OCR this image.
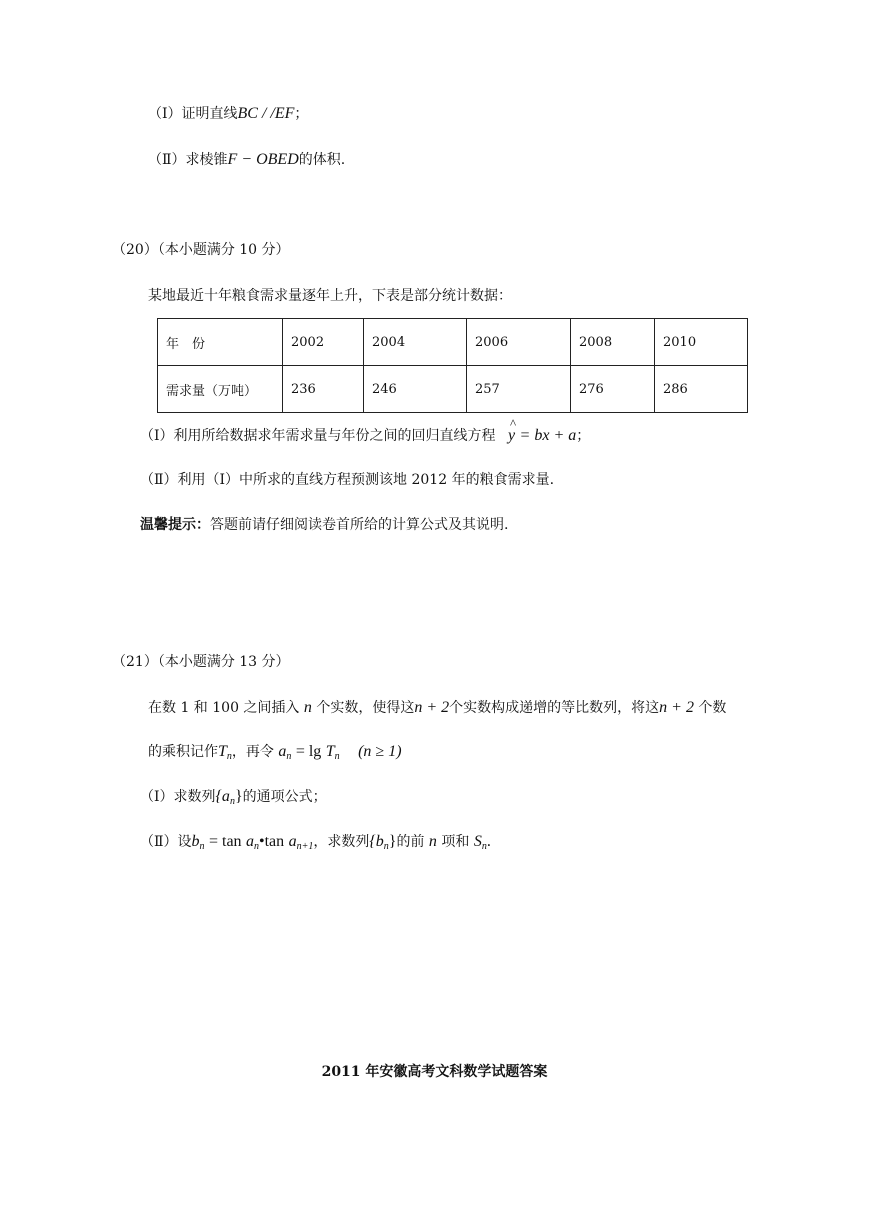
（Ⅰ）证明直线BC / /EF；
（Ⅱ）求棱锥F − OBED的体积.
（20）（本小题满分 10 分）
某地最近十年粮食需求量逐年上升，下表是部分统计数据：
年　份	2002	2004	2006	2008	2010
需求量（万吨）	236	246	257	276	286
（Ⅰ）利用所给数据求年需求量与年份之间的回归直线方程 ^ y = bx + a；
（Ⅱ）利用（Ⅰ）中所求的直线方程预测该地 2012 年的粮食需求量.
温馨提示：答题前请仔细阅读卷首所给的计算公式及其说明.
（21）（本小题满分 13 分）
在数 1 和 100 之间插入 n 个实数，使得这n + 2个实数构成递增的等比数列，将这n + 2 个数
的乘积记作$T_n$，再令 $a_n = \lg T_n$ (n ≥ 1)
（Ⅰ）求数列$\{a_n\}$的通项公式；
（Ⅱ）设$b_n = \tan$ $a_n•\tan$ $a_{n+1}$，求数列$\{b_n\}$的前 n 项和 $S_n$.
2011 年安徽高考文科数学试题答案
